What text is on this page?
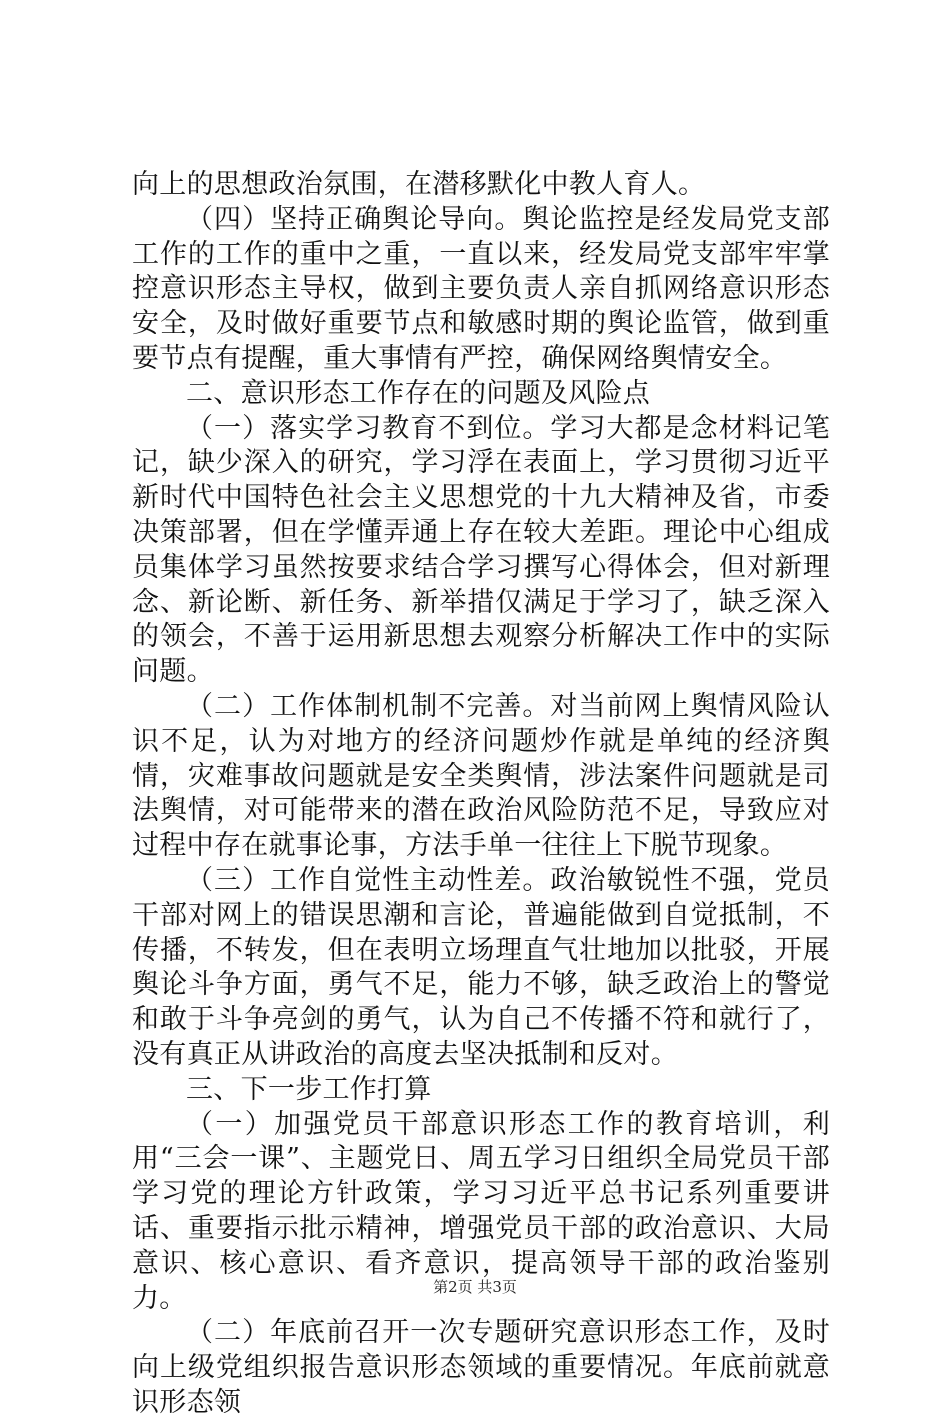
向上的思想政治氛围，在潜移默化中教人育人。

（四）坚持正确舆论导向。舆论监控是经发局党支部工作的工作的重中之重，一直以来，经发局党支部牢牢掌控意识形态主导权，做到主要负责人亲自抓网络意识形态安全，及时做好重要节点和敏感时期的舆论监管，做到重要节点有提醒，重大事情有严控，确保网络舆情安全。

二、意识形态工作存在的问题及风险点

（一）落实学习教育不到位。学习大都是念材料记笔记，缺少深入的研究，学习浮在表面上，学习贯彻习近平新时代中国特色社会主义思想党的十九大精神及省，市委决策部署，但在学懂弄通上存在较大差距。理论中心组成员集体学习虽然按要求结合学习撰写心得体会，但对新理念、新论断、新任务、新举措仅满足于学习了，缺乏深入的领会，不善于运用新思想去观察分析解决工作中的实际问题。

（二）工作体制机制不完善。对当前网上舆情风险认识不足，认为对地方的经济问题炒作就是单纯的经济舆情，灾难事故问题就是安全类舆情，涉法案件问题就是司法舆情，对可能带来的潜在政治风险防范不足，导致应对过程中存在就事论事，方法手单一往往上下脱节现象。

（三）工作自觉性主动性差。政治敏锐性不强，党员干部对网上的错误思潮和言论，普遍能做到自觉抵制，不传播，不转发，但在表明立场理直气壮地加以批驳，开展舆论斗争方面，勇气不足，能力不够，缺乏政治上的警觉和敢于斗争亮剑的勇气，认为自己不传播不符和就行了，没有真正从讲政治的高度去坚决抵制和反对。

三、下一步工作打算

（一）加强党员干部意识形态工作的教育培训，利用“三会一课”、主题党日、周五学习日组织全局党员干部学习党的理论方针政策，学习习近平总书记系列重要讲话、重要指示批示精神，增强党员干部的政治意识、大局意识、核心意识、看齐意识，提高领导干部的政治鉴别力。

（二）年底前召开一次专题研究意识形态工作，及时向上级党组织报告意识形态领域的重要情况。年底前就意识形态领

第2页 共3页
